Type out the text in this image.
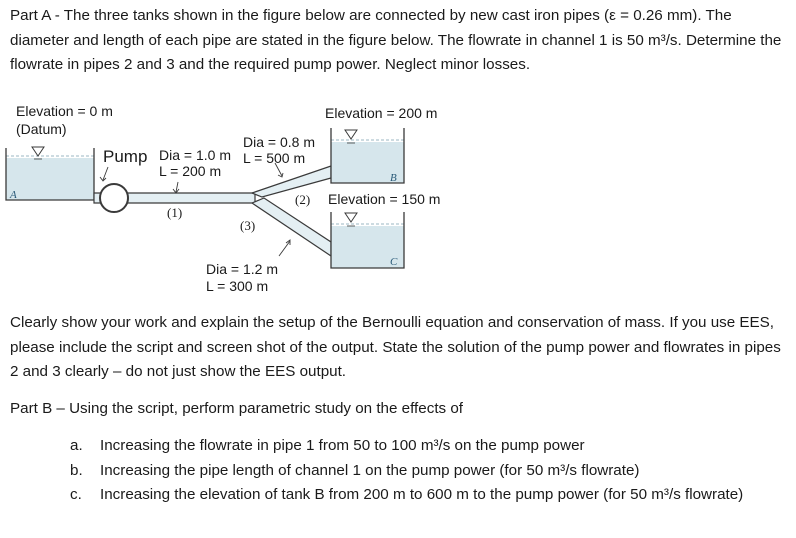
Part A - The three tanks shown in the figure below are connected by new cast iron pipes (ε = 0.26 mm). The diameter and length of each pipe are stated in the figure below. The flowrate in channel 1 is 50 m³/s. Determine the flowrate in pipes 2 and 3 and the required pump power. Neglect minor losses.

A
B
C
Elevation = 0 m
(Datum)
Elevation = 200 m
Elevation = 150 m
Pump Dia = 1.0 m
L = 200 m
Dia = 0.8 m
L = 500 m
Dia = 1.2 m
L = 300 m
(1)
(2)
(3)

Clearly show your work and explain the setup of the Bernoulli equation and conservation of mass. If you use EES, please include the script and screen shot of the output. State the solution of the pump power and flowrates in pipes 2 and 3 clearly – do not just show the EES output.

Part B – Using the script, perform parametric study on the effects of

a. Increasing the flowrate in pipe 1 from 50 to 100 m³/s on the pump power
b. Increasing the pipe length of channel 1 on the pump power (for 50 m³/s flowrate)
c. Increasing the elevation of tank B from 200 m to 600 m to the pump power (for 50 m³/s flowrate)
